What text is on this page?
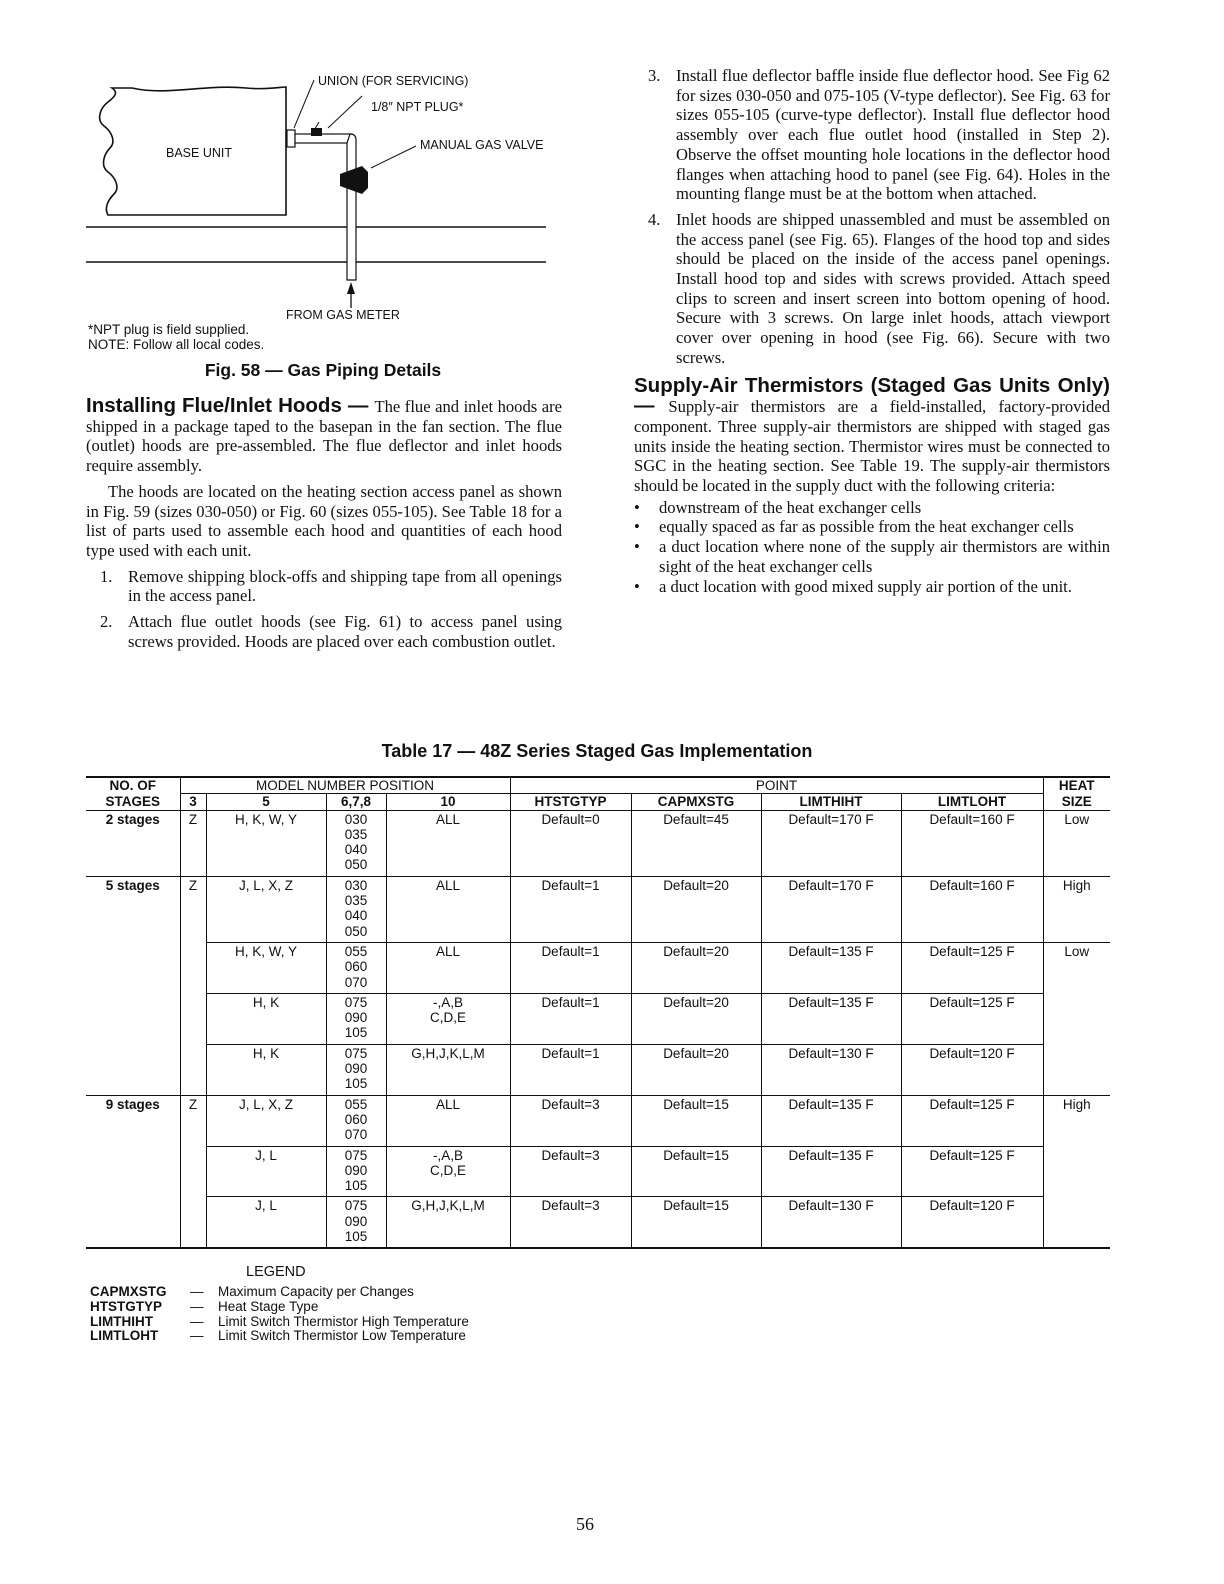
UNION (FOR SERVICING)
1/8″ NPT PLUG*
MANUAL GAS VALVE
BASE UNIT
FROM GAS METER
*NPT plug is field supplied.
NOTE: Follow all local codes.
Fig. 58 — Gas Piping Details

Installing Flue/Inlet Hoods — The flue and inlet hoods are shipped in a package taped to the basepan in the fan section. The flue (outlet) hoods are pre-assembled. The flue deflector and inlet hoods require assembly.

The hoods are located on the heating section access panel as shown in Fig. 59 (sizes 030-050) or Fig. 60 (sizes 055-105). See Table 18 for a list of parts used to assemble each hood and quantities of each hood type used with each unit.

1. Remove shipping block-offs and shipping tape from all openings in the access panel.
2. Attach flue outlet hoods (see Fig. 61) to access panel using screws provided. Hoods are placed over each combustion outlet.
3. Install flue deflector baffle inside flue deflector hood. See Fig 62 for sizes 030-050 and 075-105 (V-type deflector). See Fig. 63 for sizes 055-105 (curve-type deflector). Install flue deflector hood assembly over each flue outlet hood (installed in Step 2). Observe the offset mounting hole locations in the deflector hood flanges when attaching hood to panel (see Fig. 64). Holes in the mounting flange must be at the bottom when attached.
4. Inlet hoods are shipped unassembled and must be assembled on the access panel (see Fig. 65). Flanges of the hood top and sides should be placed on the inside of the access panel openings. Install hood top and sides with screws provided. Attach speed clips to screen and insert screen into bottom opening of hood. Secure with 3 screws. On large inlet hoods, attach viewport cover over opening in hood (see Fig. 66). Secure with two screws.

Supply-Air Thermistors (Staged Gas Units Only) — Supply-air thermistors are a field-installed, factory-provided component. Three supply-air thermistors are shipped with staged gas units inside the heating section. Thermistor wires must be connected to SGC in the heating section. See Table 19. The supply-air thermistors should be located in the supply duct with the following criteria:

• downstream of the heat exchanger cells
• equally spaced as far as possible from the heat exchanger cells
• a duct location where none of the supply air thermistors are within sight of the heat exchanger cells
• a duct location with good mixed supply air portion of the unit.
Table 17 — 48Z Series Staged Gas Implementation
NO. OF	MODEL NUMBER POSITION				POINT				HEAT
STAGES	3	5	6,7,8	10	HTSTGTYP	CAPMXSTG	LIMTHIHT	LIMTLOHT	SIZE
2 stages	Z	H, K, W, Y	030
035
040
050	ALL	Default=0	Default=45	Default=170 F	Default=160 F	Low
5 stages	Z	J, L, X, Z	030
035
040
050	ALL	Default=1	Default=20	Default=170 F	Default=160 F	High
		H, K, W, Y	055
060
070	ALL	Default=1	Default=20	Default=135 F	Default=125 F	Low
		H, K	075
090
105	-,A,B
C,D,E	Default=1	Default=20	Default=135 F	Default=125 F	
		H, K	075
090
105	G,H,J,K,L,M	Default=1	Default=20	Default=130 F	Default=120 F	
9 stages	Z	J, L, X, Z	055
060
070	ALL	Default=3	Default=15	Default=135 F	Default=125 F	High
		J, L	075
090
105	-,A,B
C,D,E	Default=3	Default=15	Default=135 F	Default=125 F	
		J, L	075
090
105	G,H,J,K,L,M	Default=3	Default=15	Default=130 F	Default=120 F	
LEGEND
CAPMXSTG	—	Maximum Capacity per Changes
HTSTGTYP	—	Heat Stage Type
LIMTHIHT	—	Limit Switch Thermistor High Temperature
LIMTLOHT	—	Limit Switch Thermistor Low Temperature
56
